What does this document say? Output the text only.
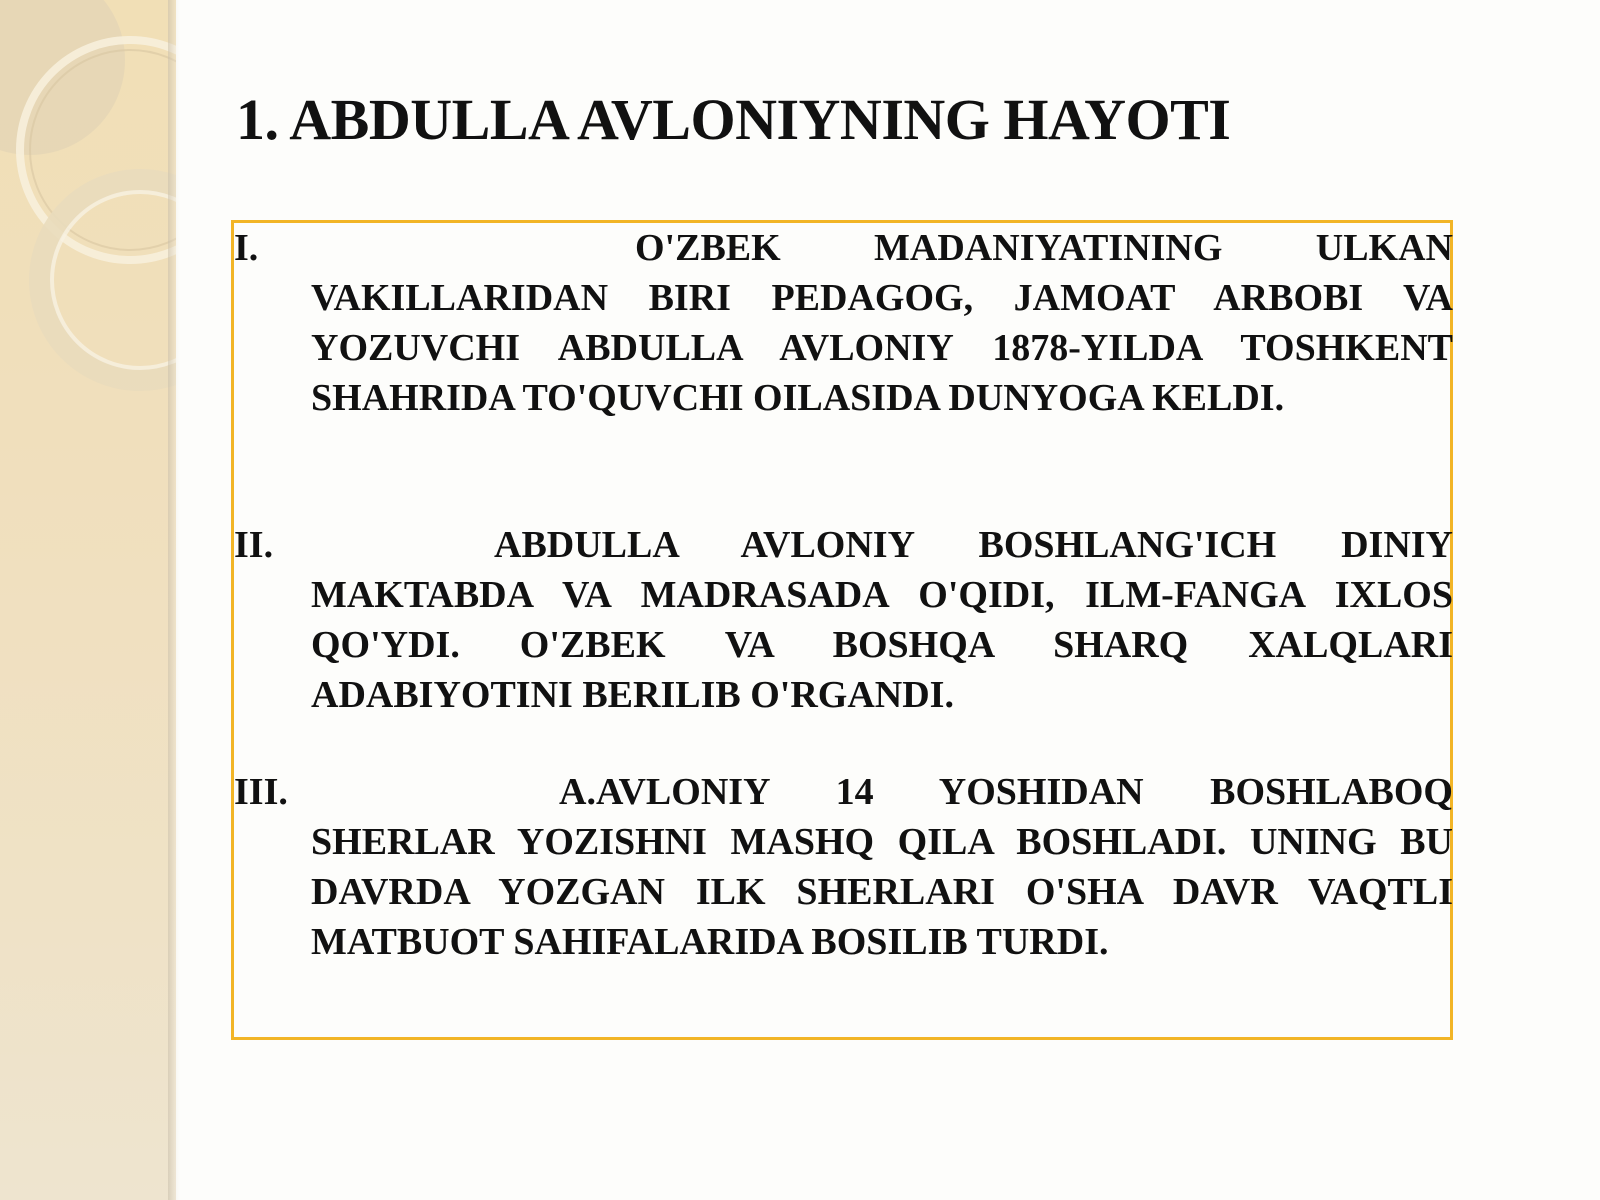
1. ABDULLA AVLONIYNING HAYOTI
I.	O'ZBEK MADANIYATINING ULKAN VAKILLARIDAN BIRI PEDAGOG, JAMOAT ARBOBI VA YOZUVCHI ABDULLA AVLONIY 1878-YILDA TOSHKENT SHAHRIDA TO'QUVCHI OILASIDA DUNYOGA KELDI.

II.	ABDULLA AVLONIY BOSHLANG'ICH DINIY MAKTABDA VA MADRASADA O'QIDI, ILM-FANGA IXLOS QO'YDI. O'ZBEK VA BOSHQA SHARQ XALQLARI ADABIYOTINI BERILIB O'RGANDI.

III.	A.AVLONIY 14 YOSHIDAN BOSHLABOQ SHERLAR YOZISHNI MASHQ QILA BOSHLADI. UNING BU DAVRDA YOZGAN ILK SHERLARI O'SHA DAVR VAQTLI MATBUOT SAHIFALARIDA BOSILIB TURDI.
